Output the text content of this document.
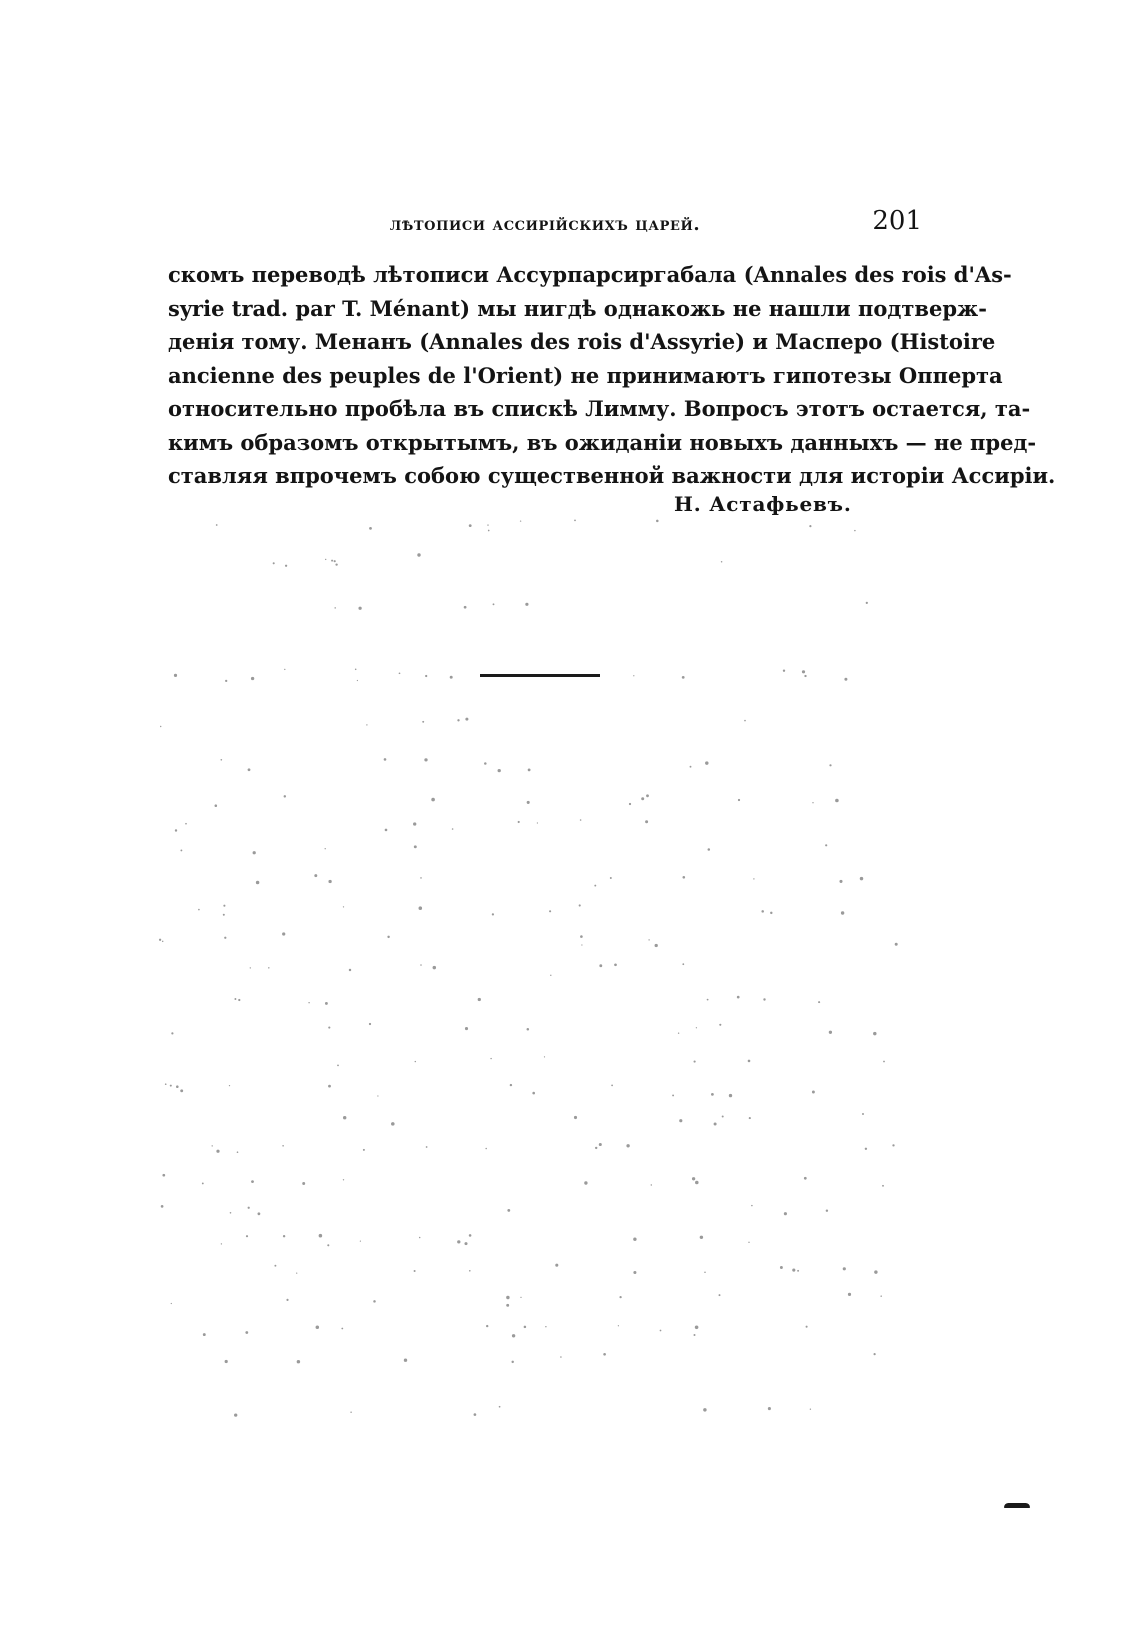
лѣтописи ассирійскихъ царей.	201
скомъ переводѣ лѣтописи Ассурпарсиргабала (Annales des rois d'As-
syrie trad. par T. Ménant) мы нигдѣ однакожь не нашли подтверж-
денія тому. Менанъ (Annales des rois d'Assyrie) и Масперо (Histoire
ancienne des peuples de l'Orient) не принимаютъ гипотезы Опперта
относительно пробѣла въ спискѣ Лимму. Вопросъ этотъ остается, та-
кимъ образомъ открытымъ, въ ожиданіи новыхъ данныхъ — не пред-
ставляя впрочемъ собою существенной важности для исторіи Ассиріи.
Н. Астафьевъ.
